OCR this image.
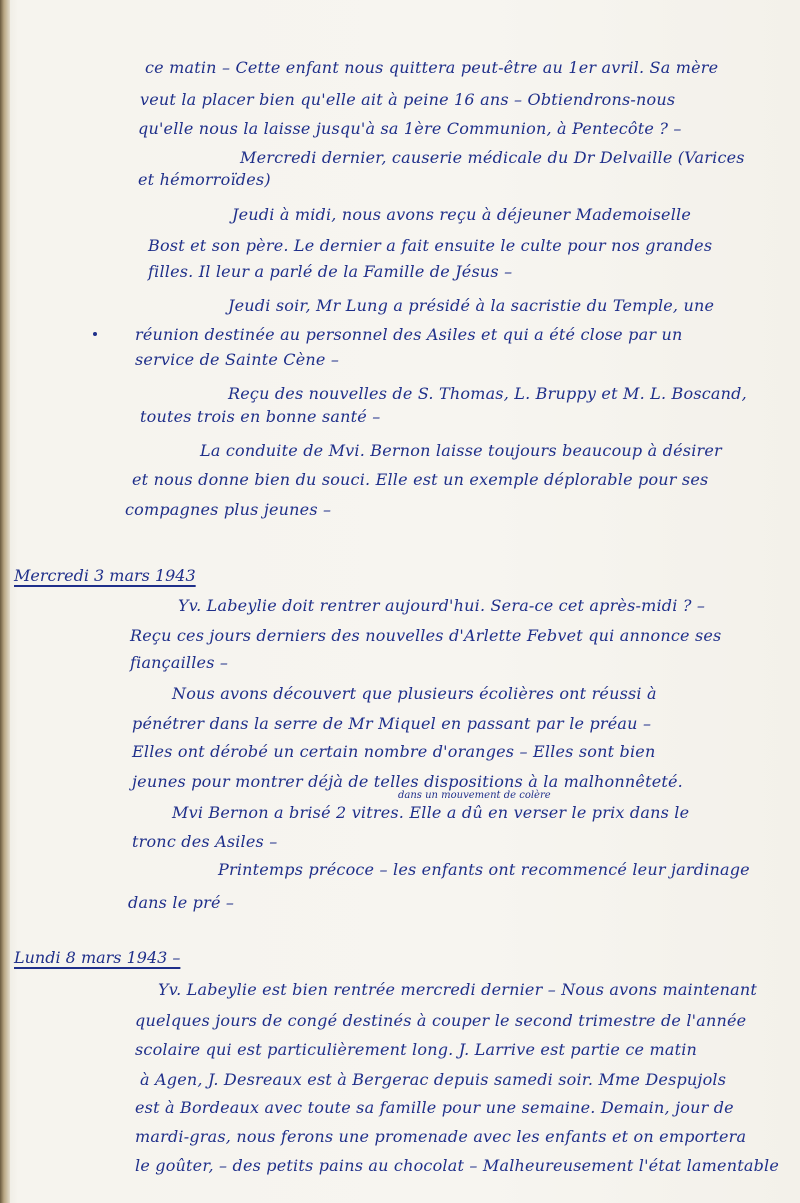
ce matin – Cette enfant nous quittera peut-être au 1er avril. Sa mère
veut la placer bien qu'elle ait à peine 16 ans – Obtiendrons-nous
qu'elle nous la laisse jusqu'à sa 1ère Communion, à Pentecôte ? –
Mercredi dernier, causerie médicale du Dr Delvaille (Varices
et hémorroïdes)
Jeudi à midi, nous avons reçu à déjeuner Mademoiselle
Bost et son père. Le dernier a fait ensuite le culte pour nos grandes
filles. Il leur a parlé de la Famille de Jésus –
Jeudi soir, Mr Lung a présidé à la sacristie du Temple, une
réunion destinée au personnel des Asiles et qui a été close par un
service de Sainte Cène –
Reçu des nouvelles de S. Thomas, L. Bruppy et M. L. Boscand,
toutes trois en bonne santé –
La conduite de Mvi. Bernon laisse toujours beaucoup à désirer
et nous donne bien du souci. Elle est un exemple déplorable pour ses
compagnes plus jeunes –
Mercredi 3 mars 1943
Yv. Labeylie doit rentrer aujourd'hui. Sera-ce cet après-midi ? –
Reçu ces jours derniers des nouvelles d'Arlette Febvet qui annonce ses
fiançailles –
Nous avons découvert que plusieurs écolières ont réussi à
pénétrer dans la serre de Mr Miquel en passant par le préau –
Elles ont dérobé un certain nombre d'oranges – Elles sont bien
jeunes pour montrer déjà de telles dispositions à la malhonnêteté.
dans un mouvement de colère
Mvi Bernon a brisé 2 vitres. Elle a dû en verser le prix dans le
tronc des Asiles –
Printemps précoce – les enfants ont recommencé leur jardinage
dans le pré –
Lundi 8 mars 1943 –
Yv. Labeylie est bien rentrée mercredi dernier – Nous avons maintenant
quelques jours de congé destinés à couper le second trimestre de l'année
scolaire qui est particulièrement long. J. Larrive est partie ce matin
à Agen, J. Desreaux est à Bergerac depuis samedi soir. Mme Despujols
est à Bordeaux avec toute sa famille pour une semaine. Demain, jour de
mardi-gras, nous ferons une promenade avec les enfants et on emportera
le goûter, – des petits pains au chocolat – Malheureusement l'état lamentable
